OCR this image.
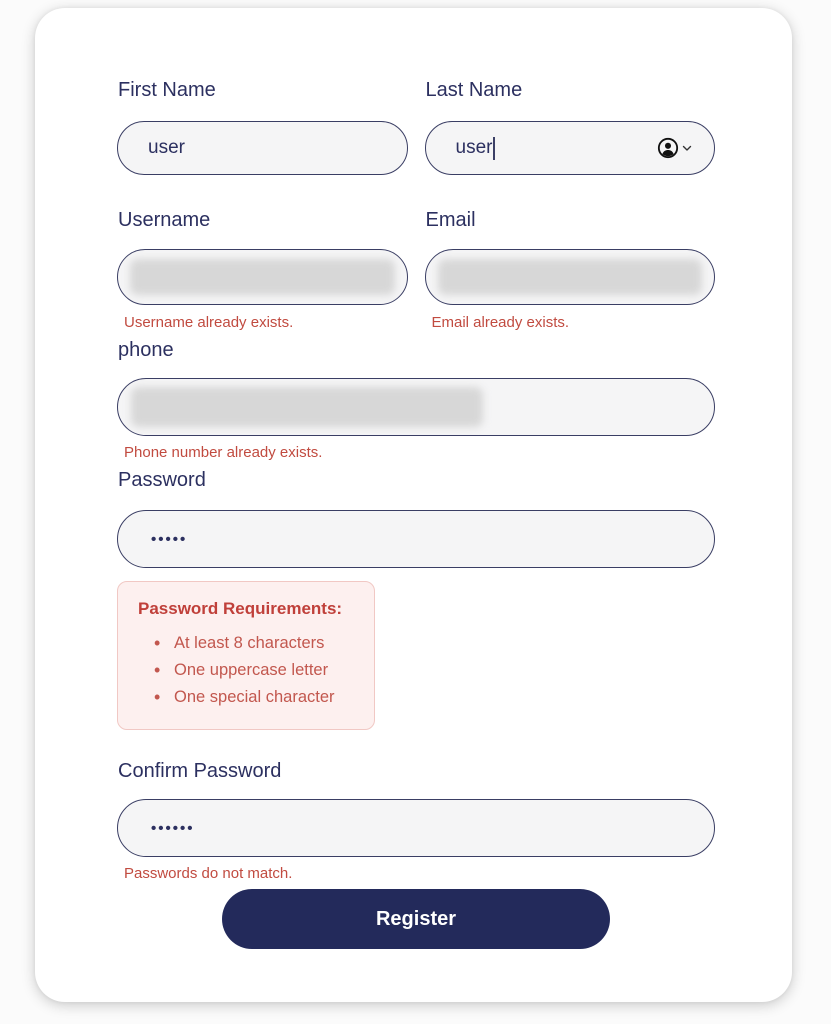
First Name
user
Last Name
user
Username
Username already exists.
Email
Email already exists.
phone
Phone number already exists.
Password
•••••
Password Requirements:
• At least 8 characters
• One uppercase letter
• One special character
Confirm Password
••••••
Passwords do not match.
Register
